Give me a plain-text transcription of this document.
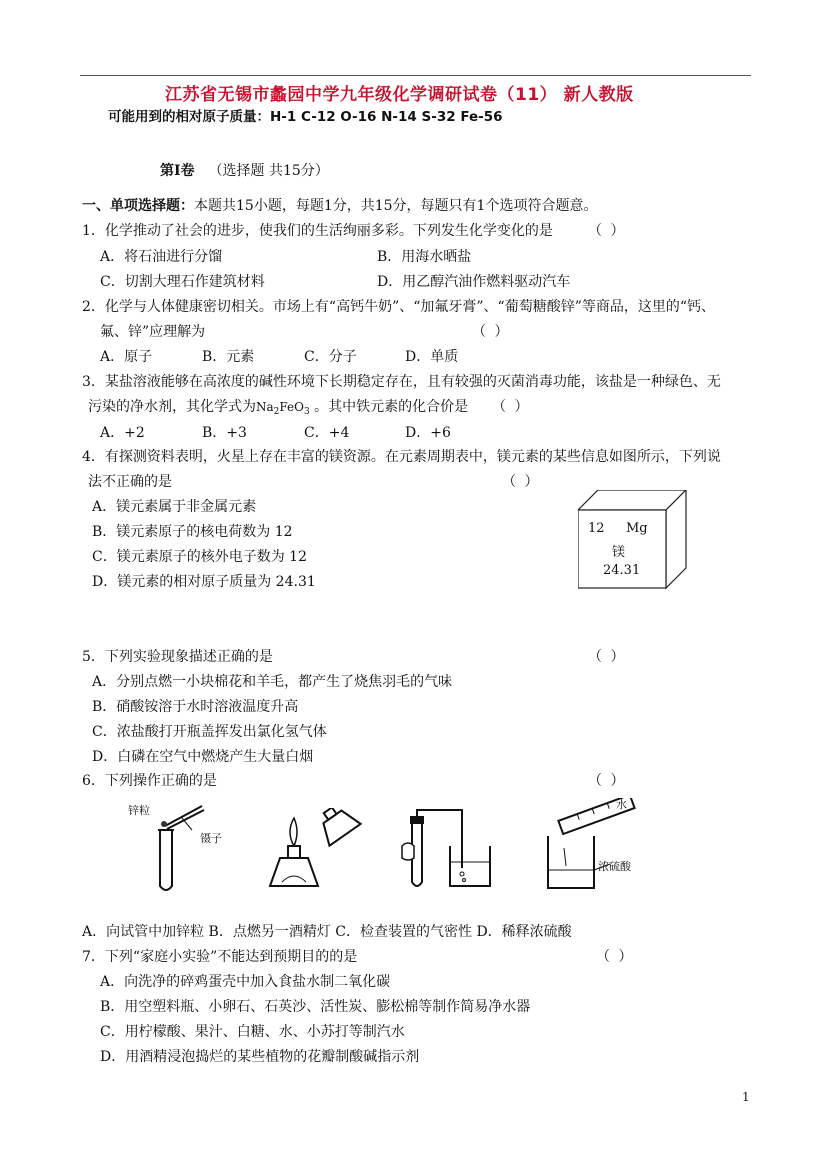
江苏省无锡市蠡园中学九年级化学调研试卷（11） 新人教版
可能用到的相对原子质量：H-1 C-12 O-16 N-14 S-32 Fe-56
第Ⅰ卷 （选择题 共15分）
一、单项选择题：本题共15小题，每题1分，共15分，每题只有1个选项符合题意。
1．化学推动了社会的进步，使我们的生活绚丽多彩。下列发生化学变化的是	（ ）
A．将石油进行分馏	B．用海水晒盐
C．切割大理石作建筑材料	D．用乙醇汽油作燃料驱动汽车
2．化学与人体健康密切相关。市场上有“高钙牛奶”、“加氟牙膏”、“葡萄糖酸锌”等商品，这里的“钙、
氟、锌”应理解为	（ ）
A．原子	B．元素	C．分子	D．单质
3．某盐溶液能够在高浓度的碱性环境下长期稳定存在，且有较强的灭菌消毒功能，该盐是一种绿色、无
污染的净水剂，其化学式为$Na_2FeO_3$ 。其中铁元素的化合价是 （ ）
A．+2	B．+3	C．+4	D．+6
4．有探测资料表明，火星上存在丰富的镁资源。在元素周期表中，镁元素的某些信息如图所示，下列说
法不正确的是	（ ）
A．镁元素属于非金属元素
B．镁元素原子的核电荷数为 12
C．镁元素原子的核外电子数为 12
D．镁元素的相对原子质量为 24.31
12 Mg
镁
24.31
5．下列实验现象描述正确的是	（ ）
A．分别点燃一小块棉花和羊毛，都产生了烧焦羽毛的气味
B．硝酸铵溶于水时溶液温度升高
C．浓盐酸打开瓶盖挥发出氯化氢气体
D．白磷在空气中燃烧产生大量白烟
6．下列操作正确的是	（ ）
锌粒
镊子
水
浓硫酸
A．向试管中加锌粒 B．点燃另一酒精灯 C．检查装置的气密性 D．稀释浓硫酸
7．下列“家庭小实验”不能达到预期目的的是	（ ）
A．向洗净的碎鸡蛋壳中加入食盐水制二氧化碳
B．用空塑料瓶、小卵石、石英沙、活性炭、膨松棉等制作简易净水器
C．用柠檬酸、果汁、白糖、水、小苏打等制汽水
D．用酒精浸泡捣烂的某些植物的花瓣制酸碱指示剂
1
